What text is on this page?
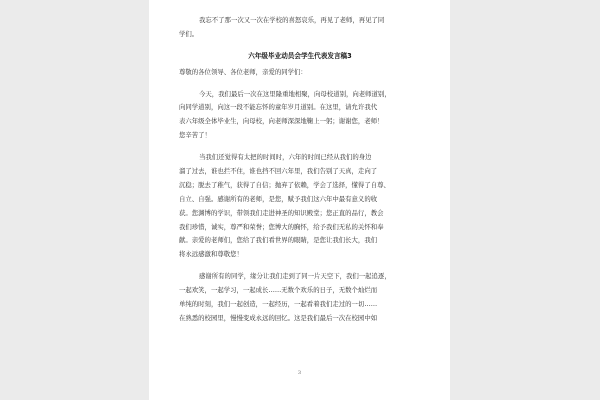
我忘不了那一次又一次在学校的喜怒哀乐，再见了老师，再见了同
学们。
六年级毕业动员会学生代表发言稿3
尊敬的各位领导、各位老师，亲爱的同学们：
今天，我们最后一次在这里隆重地相聚，向母校道别，向老师道别，
向同学道别，向这一段不能忘怀的童年岁月道别。在这里，请允许我代
表六年级全体毕业生，向母校，向老师深深地鞠上一躬；谢谢您，老师！
您辛苦了！
当我们还觉得有太把的时间时，六年的时间已经从我们的身边
溜了过去，谁也拦不住，谁也挡不回六年里，我们告别了天真，走向了
沉稳；脱去了稚气，获得了自信；抛弃了依赖，学会了选择，懂得了自尊、
自立、自强。感谢所有的老师，是您，赋予我们这六年中最有意义的收
获。您渊博的学识，带领我们走进神圣的知识殿堂；您正直的品行，教会
我们珍惜，诚实，尊严和荣誉；您博大的胸怀，给予我们无私的关怀和奉
献。亲爱的老师们，您给了我们看世界的眼睛，是您让我们长大，我们
将永远感激和尊敬您！
感谢所有的同学，缘分让我们走到了同一片天空下，我们一起追逐，
一起欢笑，一起学习，一起成长……无数个欢乐的日子，无数个灿烂而
单纯的时刻，我们一起创造，一起经历，一起看着我们走过的一切……
在熟悉的校园里，慢慢变成永远的回忆。这是我们最后一次在校园中如
3
